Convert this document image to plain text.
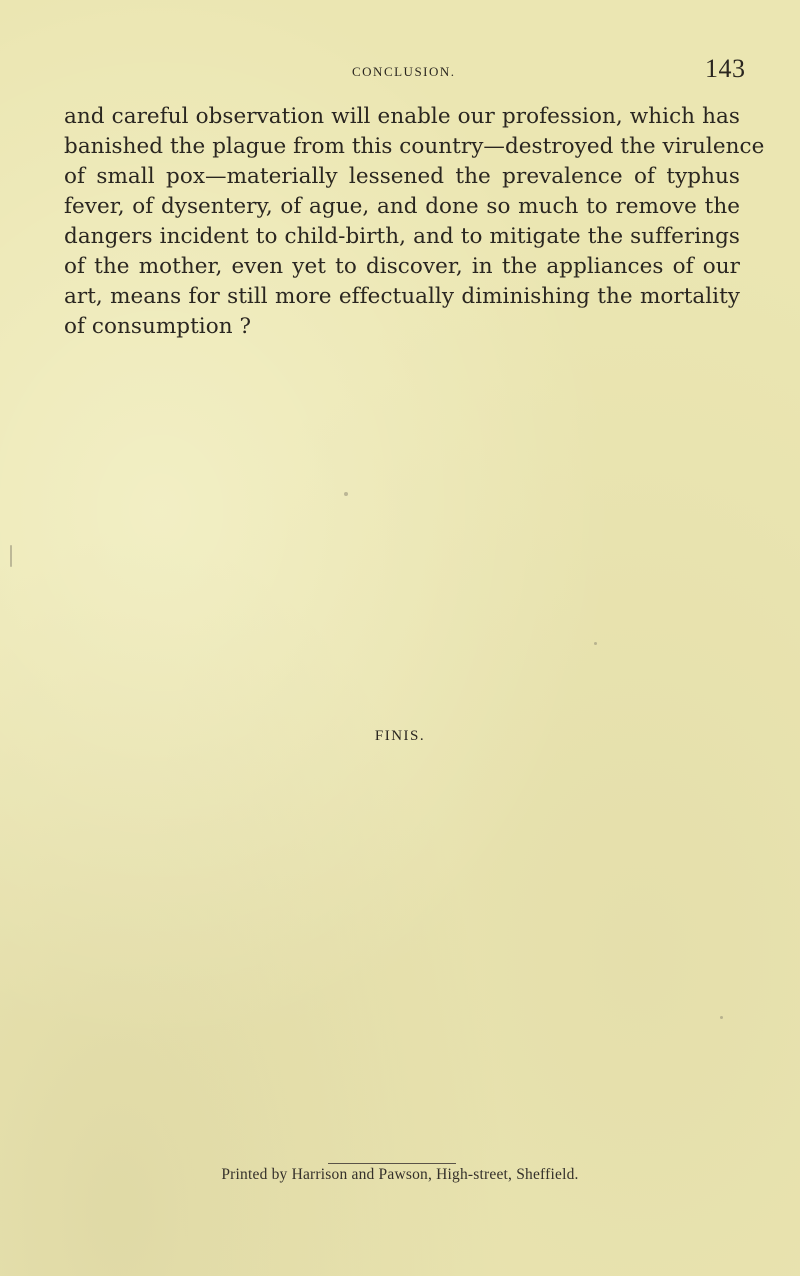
CONCLUSION.	143
and careful observation will enable our profession, which has
banished the plague from this country—destroyed the virulence
of small pox—materially lessened the prevalence of typhus
fever, of dysentery, of ague, and done so much to remove the
dangers incident to child-birth, and to mitigate the sufferings
of the mother, even yet to discover, in the appliances of our
art, means for still more effectually diminishing the mortality
of consumption ?
FINIS.
Printed by Harrison and Pawson, High-street, Sheffield.
